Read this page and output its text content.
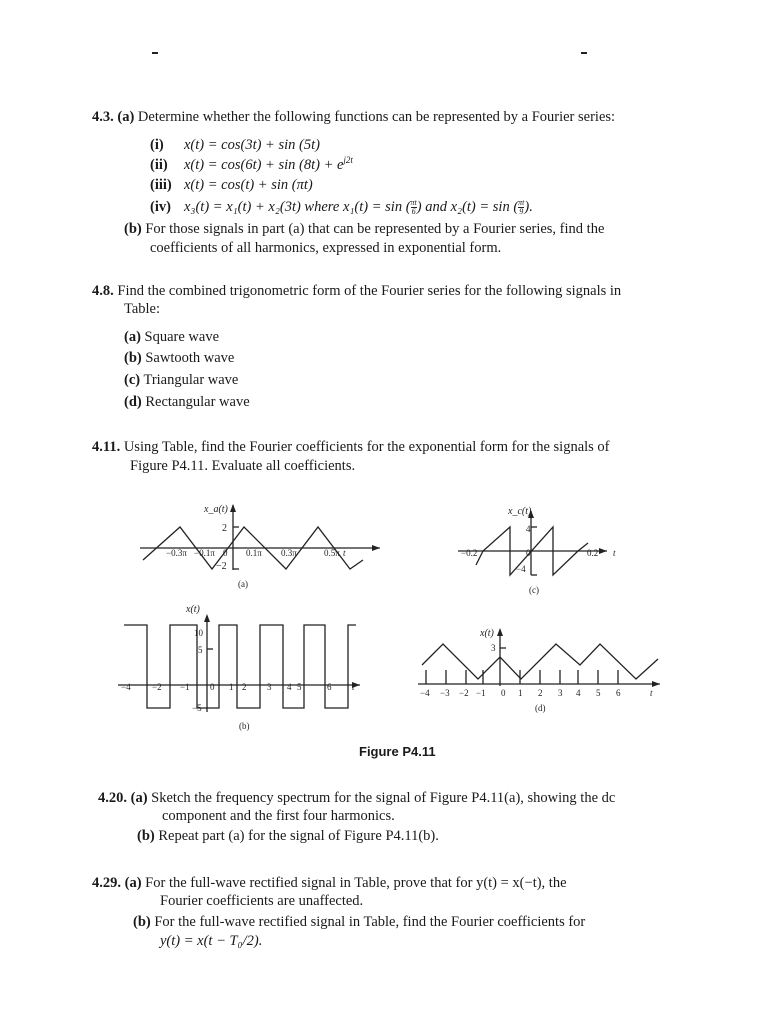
4.3. (a) Determine whether the following functions can be represented by a Fourier series:
(i) x(t) = cos(3t) + sin (5t)
(ii) $x(t) = \cos(6t) + \sin (8t) + e^{j2t}$
(iii) x(t) = cos(t) + sin (πt)
(iv) x₃(t) = x₁(t) + x₂(3t) where x₁(t) = sin ( $\frac{\pi t}{6}$ ) and x₂(t) = sin ( $\frac{\pi t}{9}$ ).
(b) For those signals in part (a) that can be represented by a Fourier series, find the
coefficients of all harmonics, expressed in exponential form.
4.8. Find the combined trigonometric form of the Fourier series for the following signals in
Table:
(a) Square wave
(b) Sawtooth wave
(c) Triangular wave
(d) Rectangular wave
4.11. Using Table, find the Fourier coefficients for the exponential form for the signals of
Figure P4.11. Evaluate all coefficients.
x_a(t)
2
−2
−0.3π −0.1π 0 0.1π 0.3π	0.5π t
(a)
x_c(t)
4
−4
−0.2	0	0.2 t
(c)
x(t)
10
5
−5
−4 −2 −1 0 1 2 3 4 5	6 t
(b)
x(t)
3
−4 −3 −2 −1 0 1 2 3 4 5 6	t
(d)
Figure P4.11
4.20. (a) Sketch the frequency spectrum for the signal of Figure P4.11(a), showing the dc
component and the first four harmonics.
(b) Repeat part (a) for the signal of Figure P4.11(b).
4.29. (a) For the full-wave rectified signal in Table, prove that for y(t) = x(−t), the
Fourier coefficients are unaffected.
(b) For the full-wave rectified signal in Table, find the Fourier coefficients for
y(t) = x(t − T₀/2).
